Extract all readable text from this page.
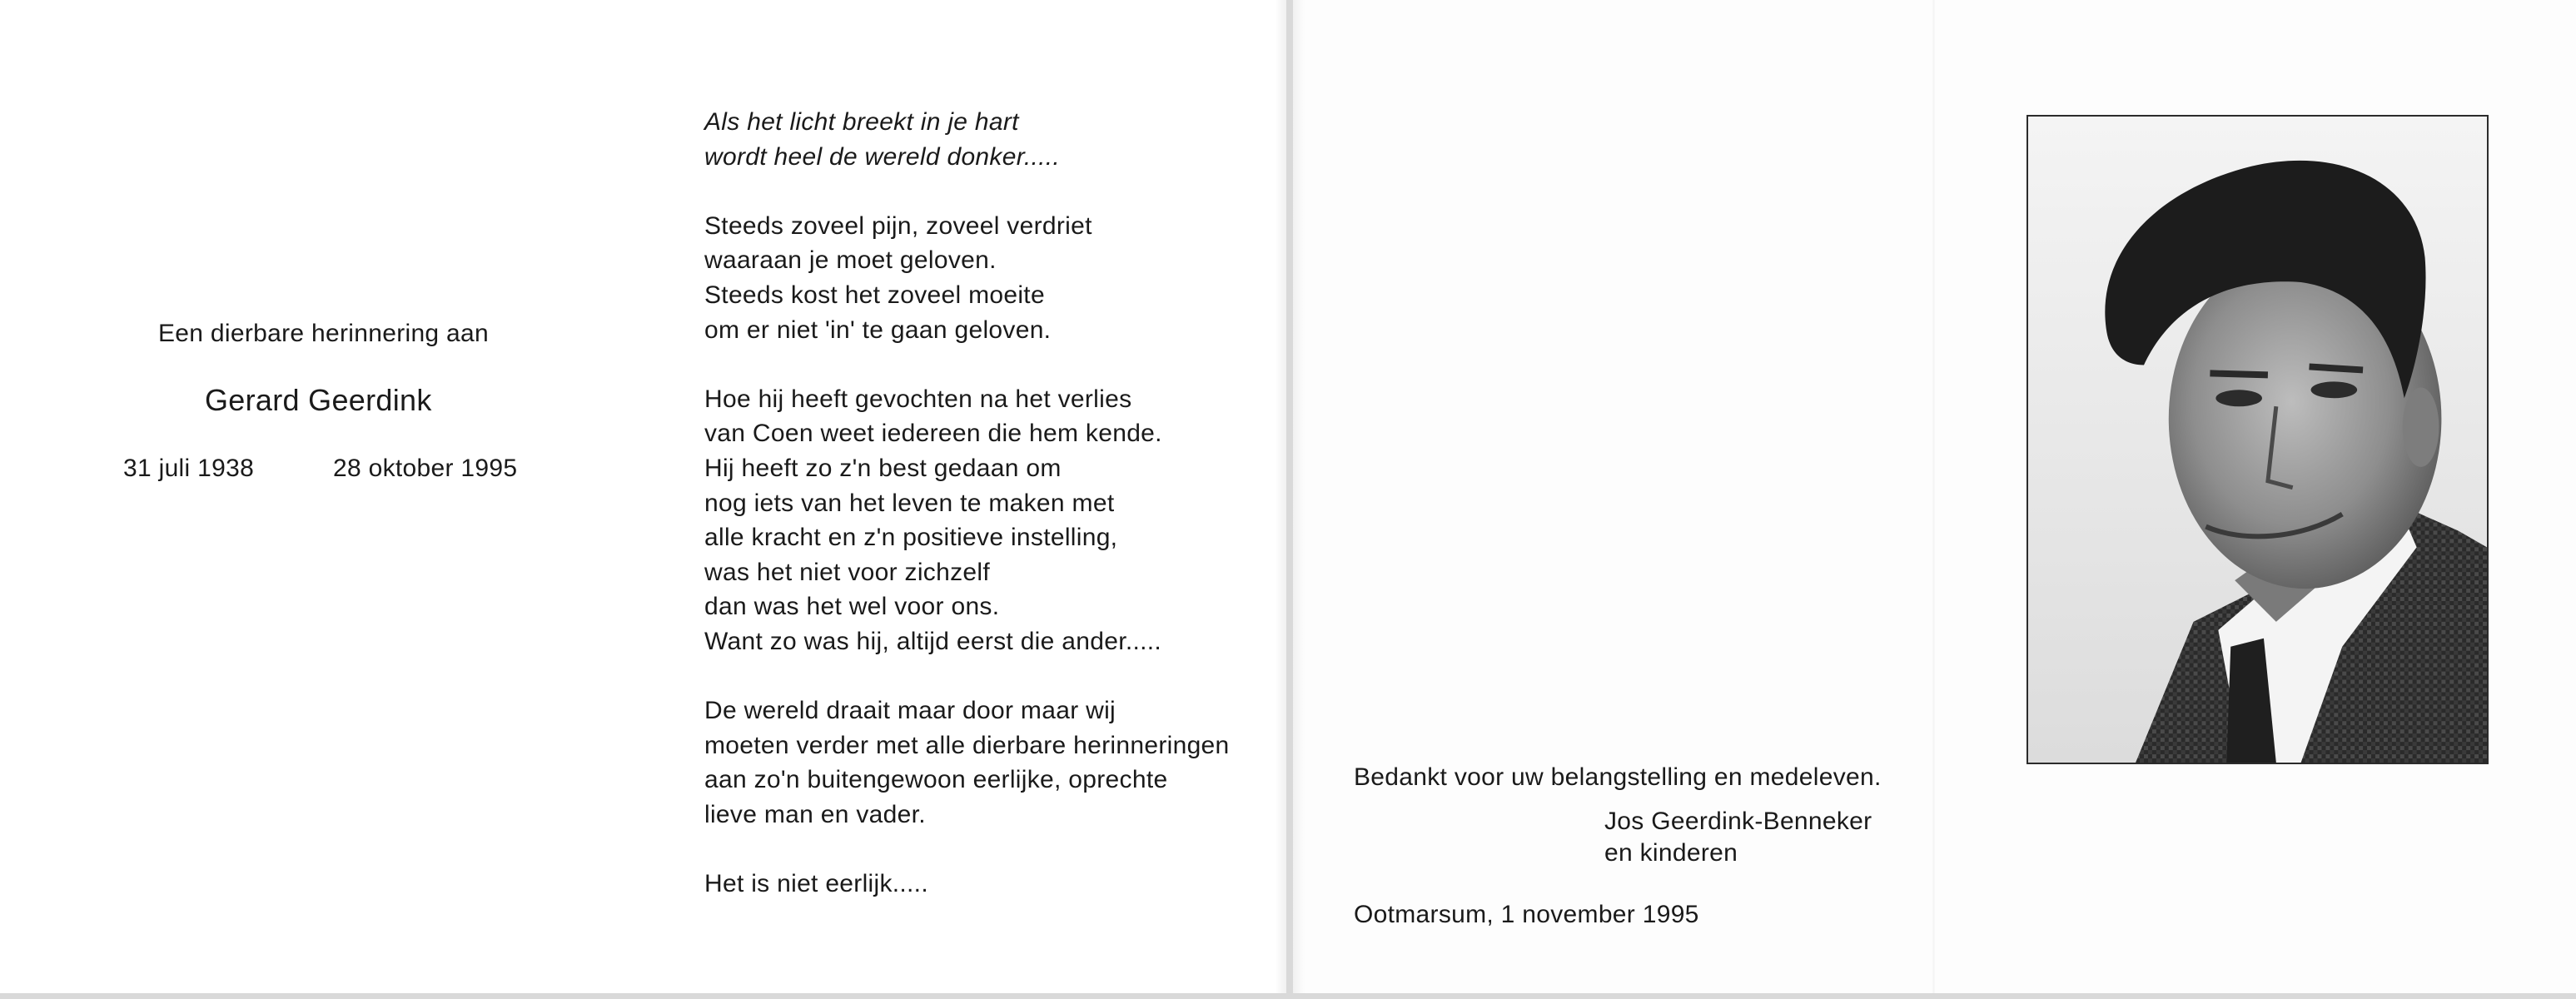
Een dierbare herinnering aan
Gerard Geerdink
31 juli 1938	28 oktober 1995
Als het licht breekt in je hart
wordt heel de wereld donker.....
Steeds zoveel pijn, zoveel verdriet
waaraan je moet geloven.
Steeds kost het zoveel moeite
om er niet 'in' te gaan geloven.
Hoe hij heeft gevochten na het verlies
van Coen weet iedereen die hem kende.
Hij heeft zo z'n best gedaan om
nog iets van het leven te maken met
alle kracht en z'n positieve instelling,
was het niet voor zichzelf
dan was het wel voor ons.
Want zo was hij, altijd eerst die ander.....
De wereld draait maar door maar wij
moeten verder met alle dierbare herinneringen
aan zo'n buitengewoon eerlijke, oprechte
lieve man en vader.
Het is niet eerlijk.....
Bedankt voor uw belangstelling en medeleven.
Jos Geerdink-Benneker
en kinderen
Ootmarsum, 1 november 1995
